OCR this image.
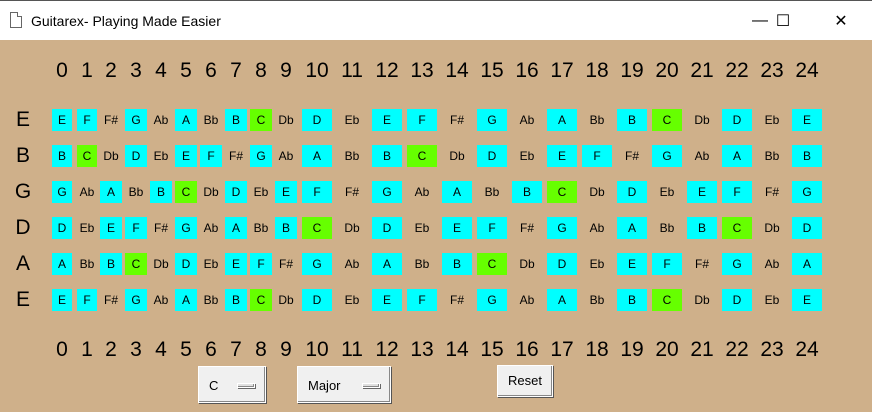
Guitarex- Playing Made Easier	— ☐	✕
0 1 2 3 4 5 6 7 8 9 10 11 12 13 14 15 16 17 18 19 20 21 22 23 24
0 1 2 3 4 5 6 7 8 9 10 11 12 13 14 15 16 17 18 19 20 21 22 23 24
E	E	F	F#	G	Ab	A	Bb	B	C	Db	D	Eb	E	F	F#	G	Ab	A	Bb	B	C	Db	D	Eb	E
B	B	C	Db	D	Eb	E	F	F#	G	Ab	A	Bb	B	C	Db	D	Eb	E	F	F#	G	Ab	A	Bb	B
G	G	Ab	A	Bb	B	C	Db	D	Eb	E	F	F#	G	Ab	A	Bb	B	C	Db	D	Eb	E	F	F#	G
D	D	Eb	E	F	F#	G	Ab	A	Bb	B	C	Db	D	Eb	E	F	F#	G	Ab	A	Bb	B	C	Db	D
A	A	Bb	B	C	Db	D	Eb	E	F	F#	G	Ab	A	Bb	B	C	Db	D	Eb	E	F	F#	G	Ab	A
E	E	F	F#	G	Ab	A	Bb	B	C	Db	D	Eb	E	F	F#	G	Ab	A	Bb	B	C	Db	D	Eb	E
C	Major	Reset
